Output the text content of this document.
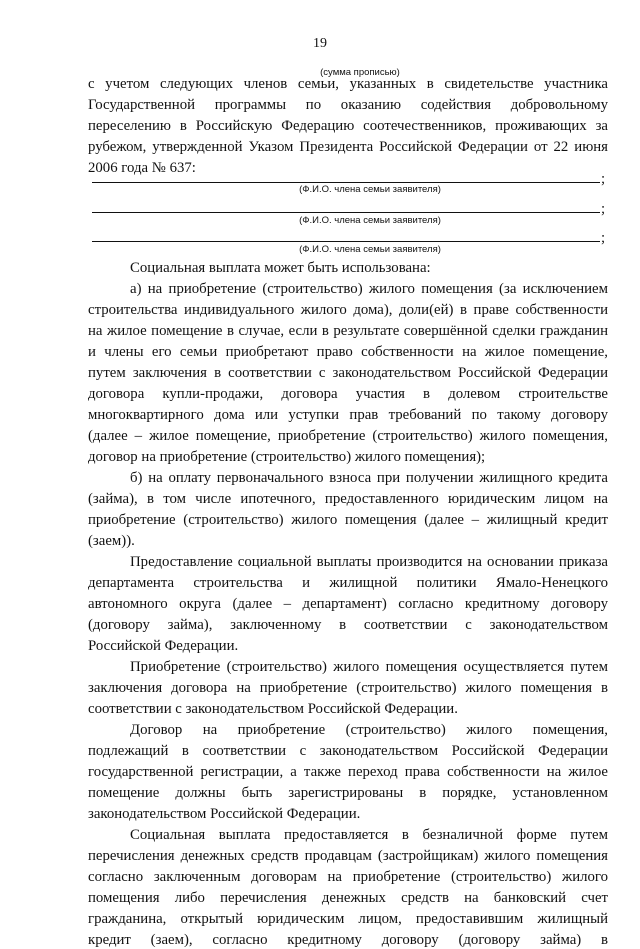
19
(сумма прописью)
с учетом следующих членов семьи, указанных в свидетельстве участника
Государственной программы по оказанию содействия добровольному
переселению в Российскую Федерацию соотечественников, проживающих за
рубежом, утвержденной Указом Президента Российской Федерации от 22 июня
2006 года № 637:
;
(Ф.И.О. члена семьи заявителя)
;
(Ф.И.О. члена семьи заявителя)
;
(Ф.И.О. члена семьи заявителя)
Социальная выплата может быть использована:
а) на приобретение (строительство) жилого помещения (за исключением
строительства индивидуального жилого дома), доли(ей) в праве собственности
на жилое помещение в случае, если в результате совершённой сделки гражданин
и члены его семьи приобретают право собственности на жилое помещение,
путем заключения в соответствии с законодательством Российской Федерации
договора купли-продажи, договора участия в долевом строительстве
многоквартирного дома или уступки прав требований по такому договору
(далее – жилое помещение, приобретение (строительство) жилого помещения,
договор на приобретение (строительство) жилого помещения);
б) на оплату первоначального взноса при получении жилищного кредита
(займа), в том числе ипотечного, предоставленного юридическим лицом на
приобретение (строительство) жилого помещения (далее – жилищный кредит
(заем)).
Предоставление социальной выплаты производится на основании приказа
департамента строительства и жилищной политики Ямало-Ненецкого
автономного округа (далее – департамент) согласно кредитному договору
(договору займа), заключенному в соответствии с законодательством
Российской Федерации.
Приобретение (строительство) жилого помещения осуществляется путем
заключения договора на приобретение (строительство) жилого помещения в
соответствии с законодательством Российской Федерации.
Договор на приобретение (строительство) жилого помещения,
подлежащий в соответствии с законодательством Российской Федерации
государственной регистрации, а также переход права собственности на жилое
помещение должны быть зарегистрированы в порядке, установленном
законодательством Российской Федерации.
Социальная выплата предоставляется в безналичной форме путем
перечисления денежных средств продавцам (застройщикам) жилого помещения
согласно заключенным договорам на приобретение (строительство) жилого
помещения либо перечисления денежных средств на банковский счет
гражданина, открытый юридическим лицом, предоставившим жилищный
кредит (заем), согласно кредитному договору (договору займа) в
